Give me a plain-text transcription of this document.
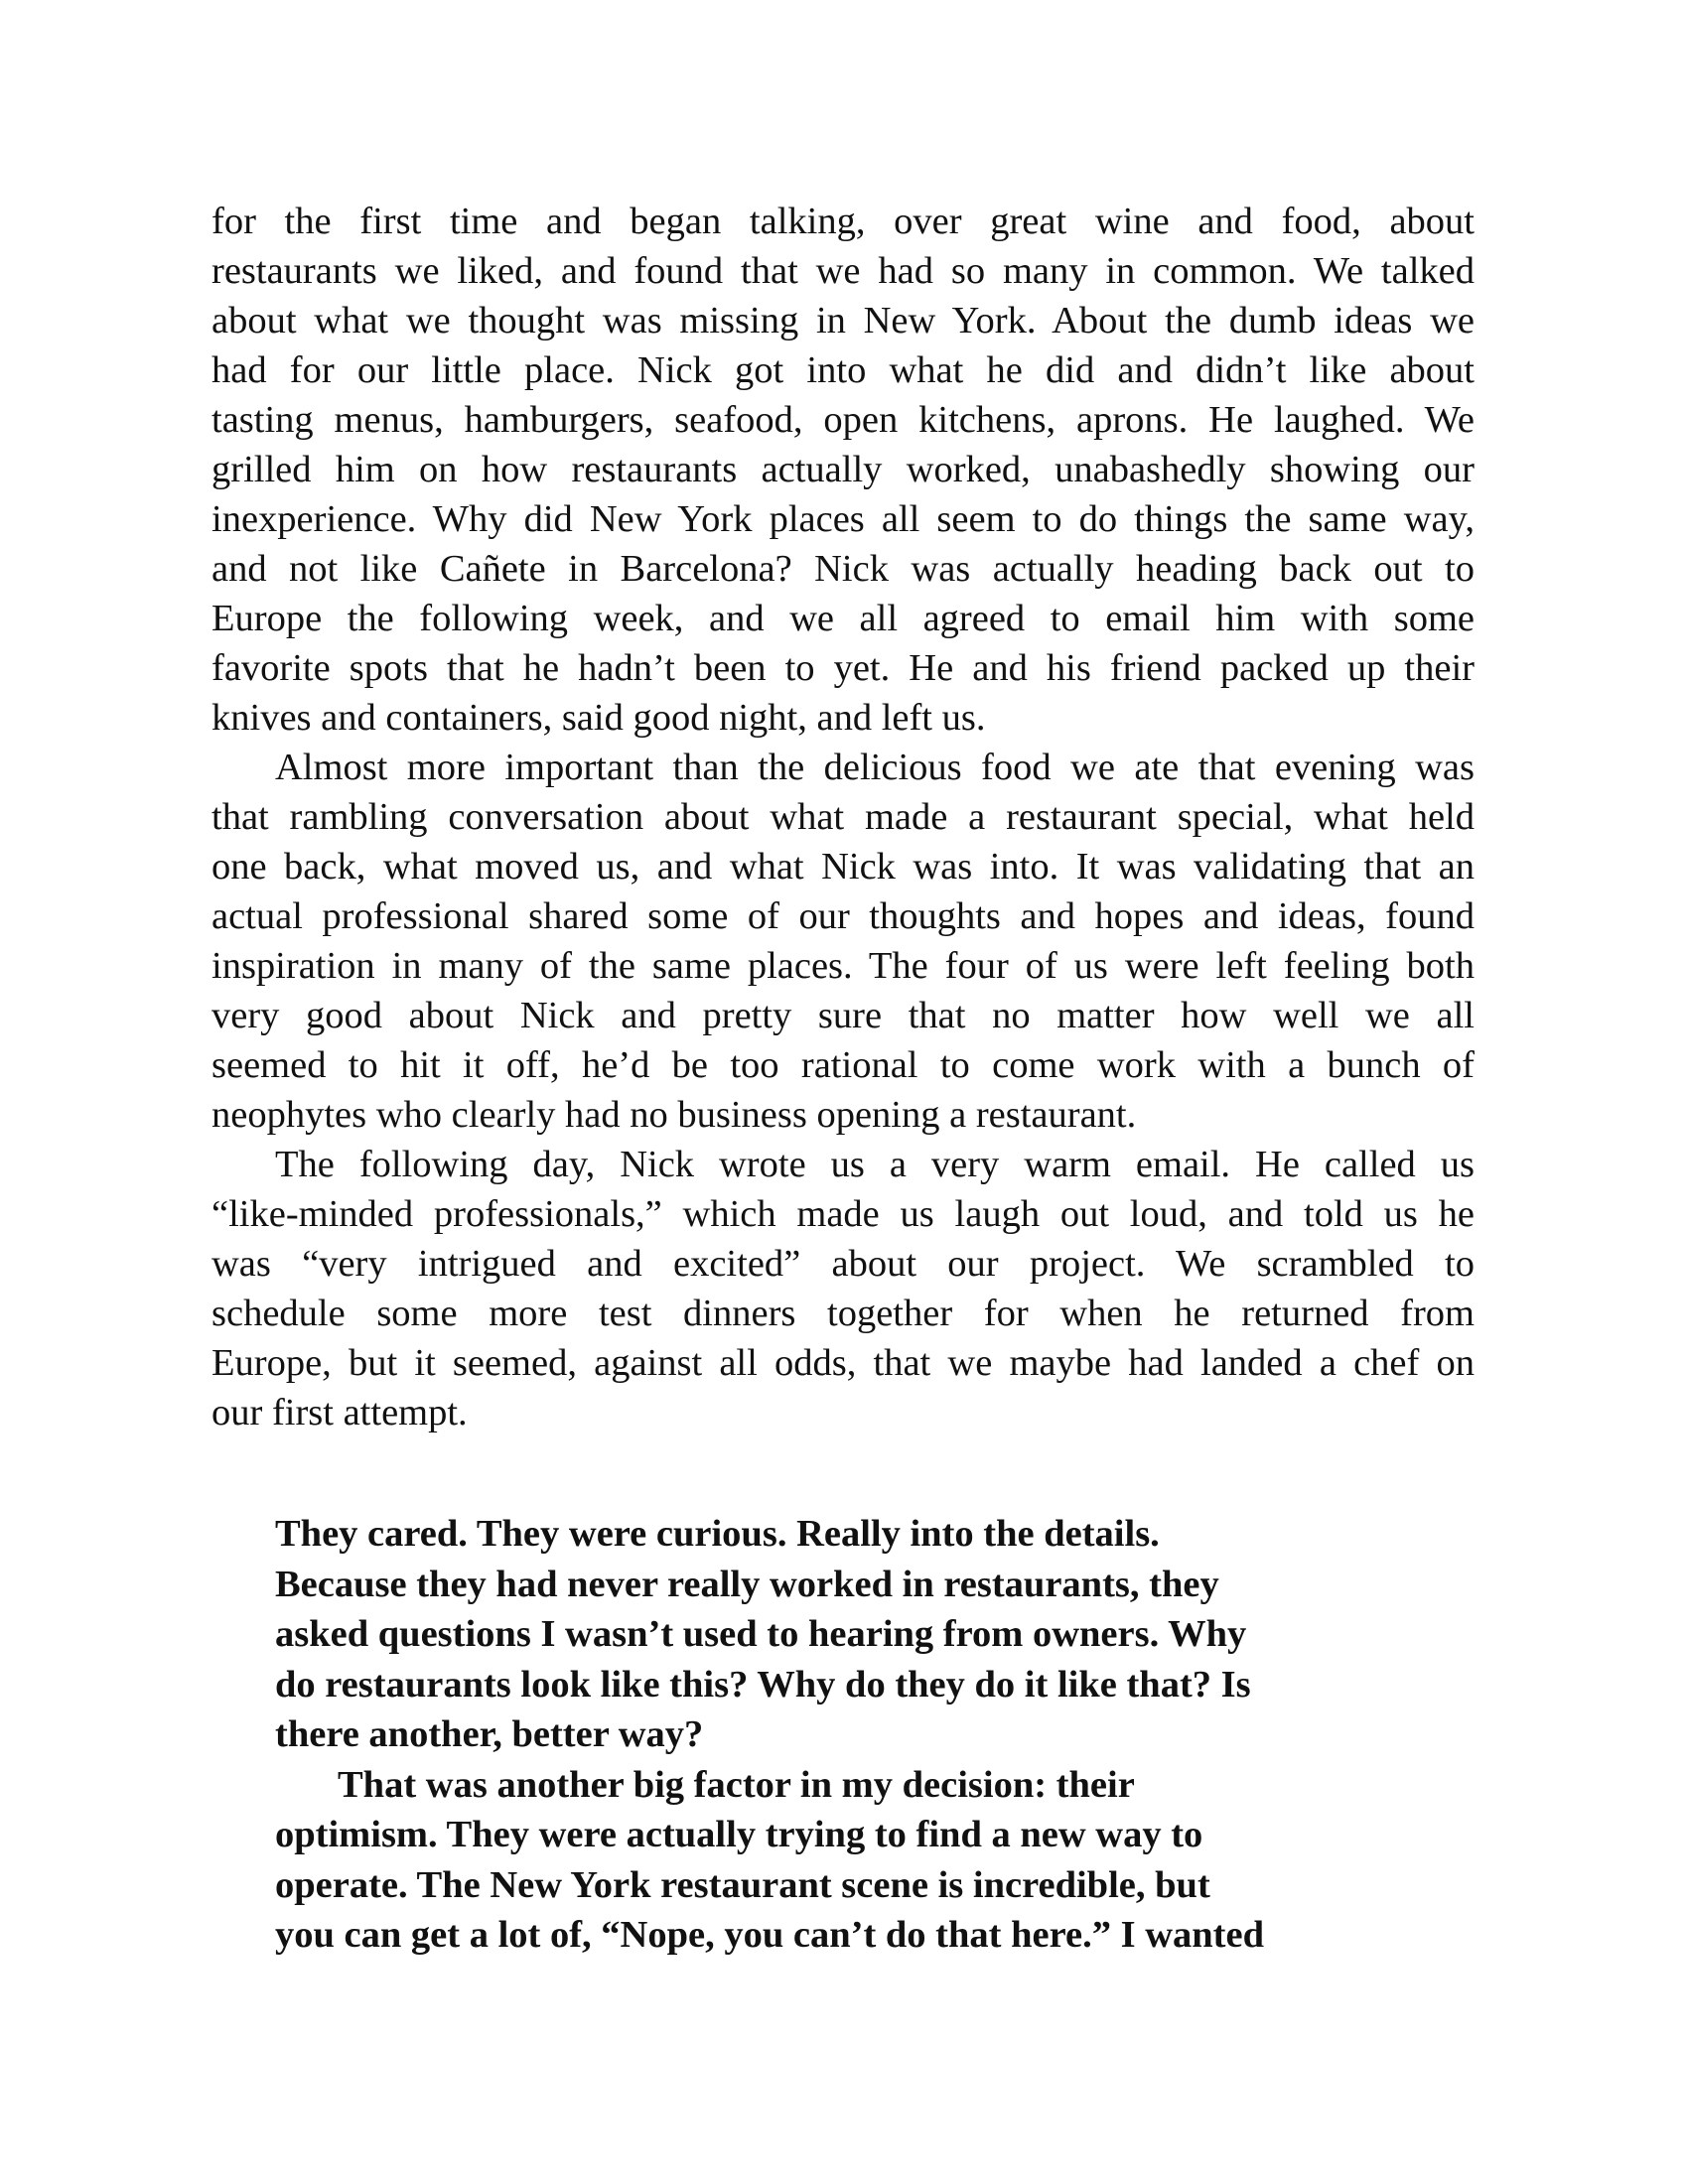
for the first time and began talking, over great wine and food, about
restaurants we liked, and found that we had so many in common. We talked
about what we thought was missing in New York. About the dumb ideas we
had for our little place. Nick got into what he did and didn’t like about
tasting menus, hamburgers, seafood, open kitchens, aprons. He laughed. We
grilled him on how restaurants actually worked, unabashedly showing our
inexperience. Why did New York places all seem to do things the same way,
and not like Cañete in Barcelona? Nick was actually heading back out to
Europe the following week, and we all agreed to email him with some
favorite spots that he hadn’t been to yet. He and his friend packed up their
knives and containers, said good night, and left us.

Almost more important than the delicious food we ate that evening was
that rambling conversation about what made a restaurant special, what held
one back, what moved us, and what Nick was into. It was validating that an
actual professional shared some of our thoughts and hopes and ideas, found
inspiration in many of the same places. The four of us were left feeling both
very good about Nick and pretty sure that no matter how well we all
seemed to hit it off, he’d be too rational to come work with a bunch of
neophytes who clearly had no business opening a restaurant.

The following day, Nick wrote us a very warm email. He called us
“like-minded professionals,” which made us laugh out loud, and told us he
was “very intrigued and excited” about our project. We scrambled to
schedule some more test dinners together for when he returned from
Europe, but it seemed, against all odds, that we maybe had landed a chef on
our first attempt.

They cared. They were curious. Really into the details.
Because they had never really worked in restaurants, they
asked questions I wasn’t used to hearing from owners. Why
do restaurants look like this? Why do they do it like that? Is
there another, better way?

That was another big factor in my decision: their
optimism. They were actually trying to find a new way to
operate. The New York restaurant scene is incredible, but
you can get a lot of, “Nope, you can’t do that here.” I wanted
